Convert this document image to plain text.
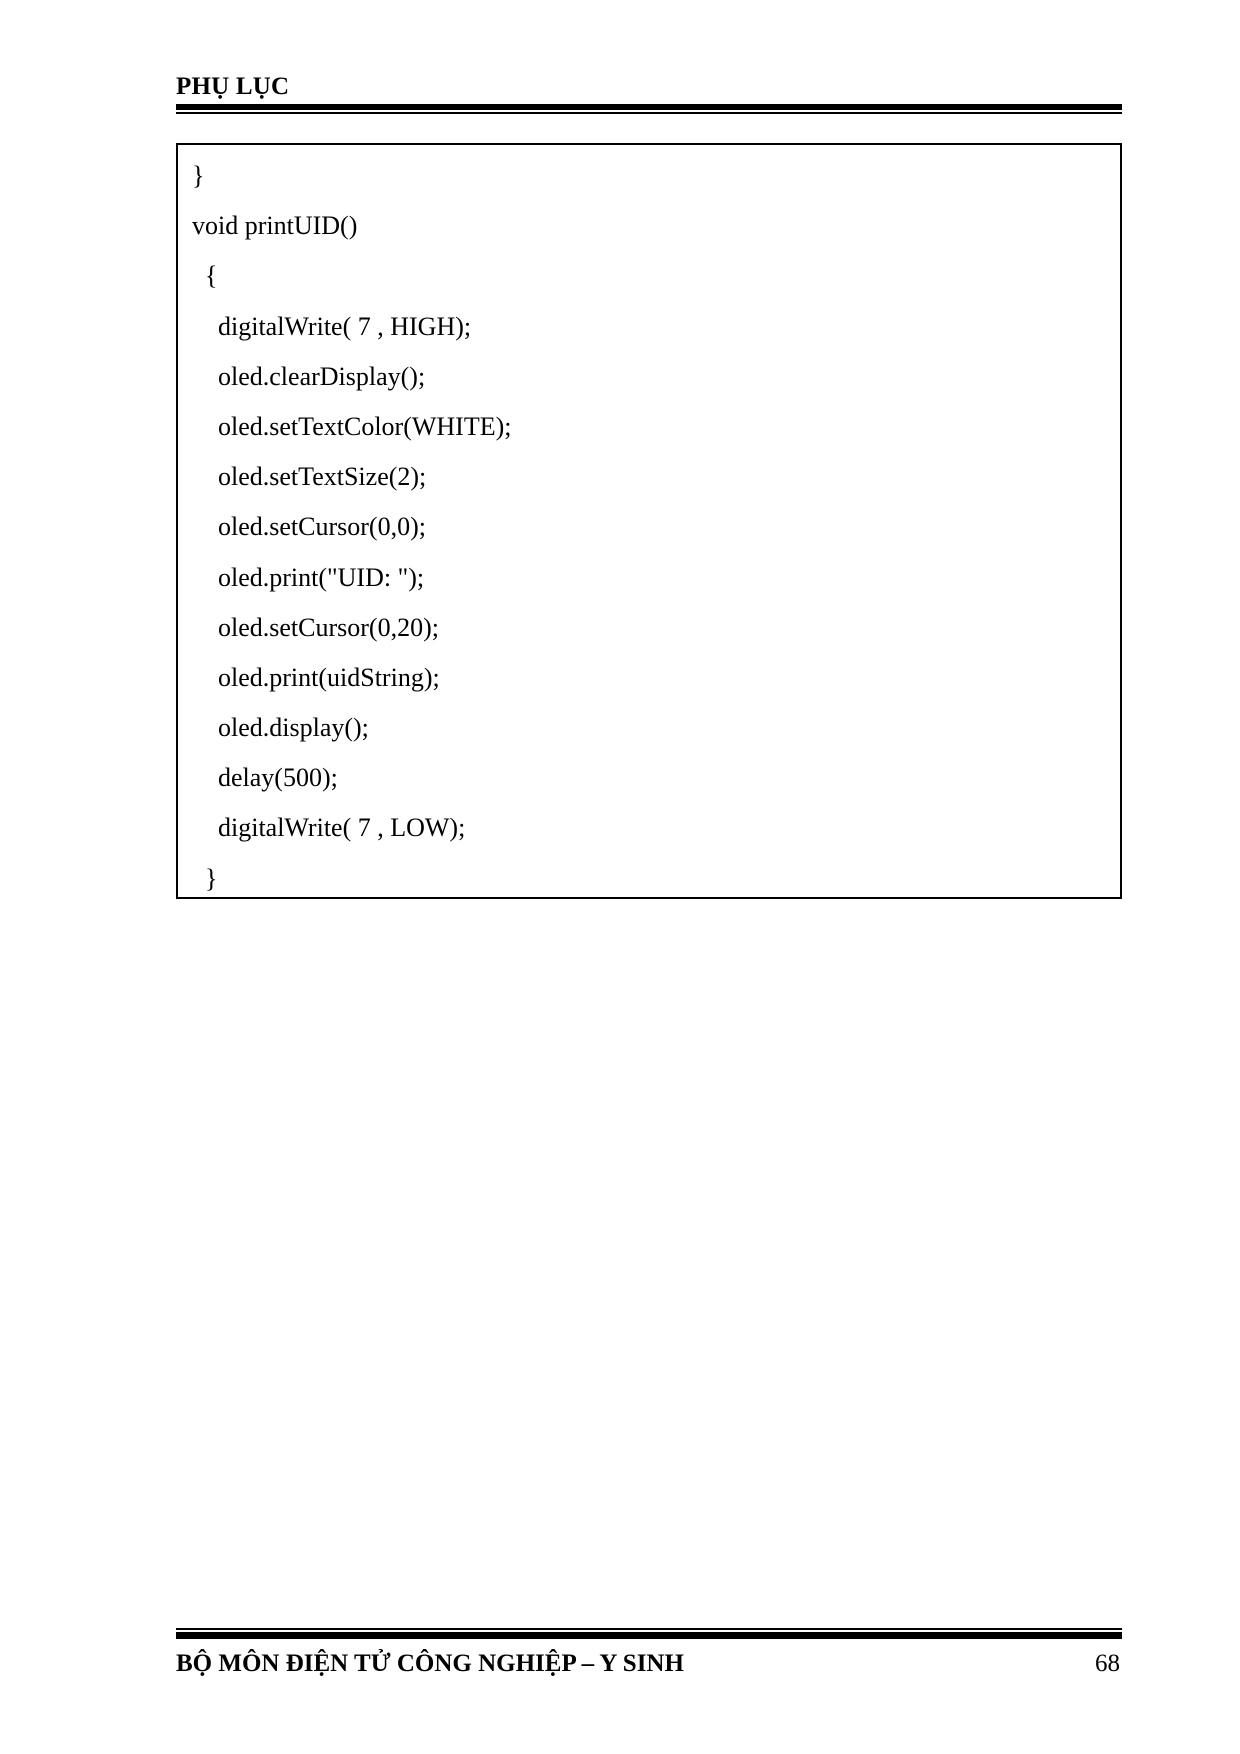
PHỤ LỤC
}
void printUID()
{
digitalWrite( 7 , HIGH);
oled.clearDisplay();
oled.setTextColor(WHITE);
oled.setTextSize(2);
oled.setCursor(0,0);
oled.print("UID: ");
oled.setCursor(0,20);
oled.print(uidString);
oled.display();
delay(500);
digitalWrite( 7 , LOW);
}
BỘ MÔN ĐIỆN TỬ CÔNG NGHIỆP – Y SINH	68
